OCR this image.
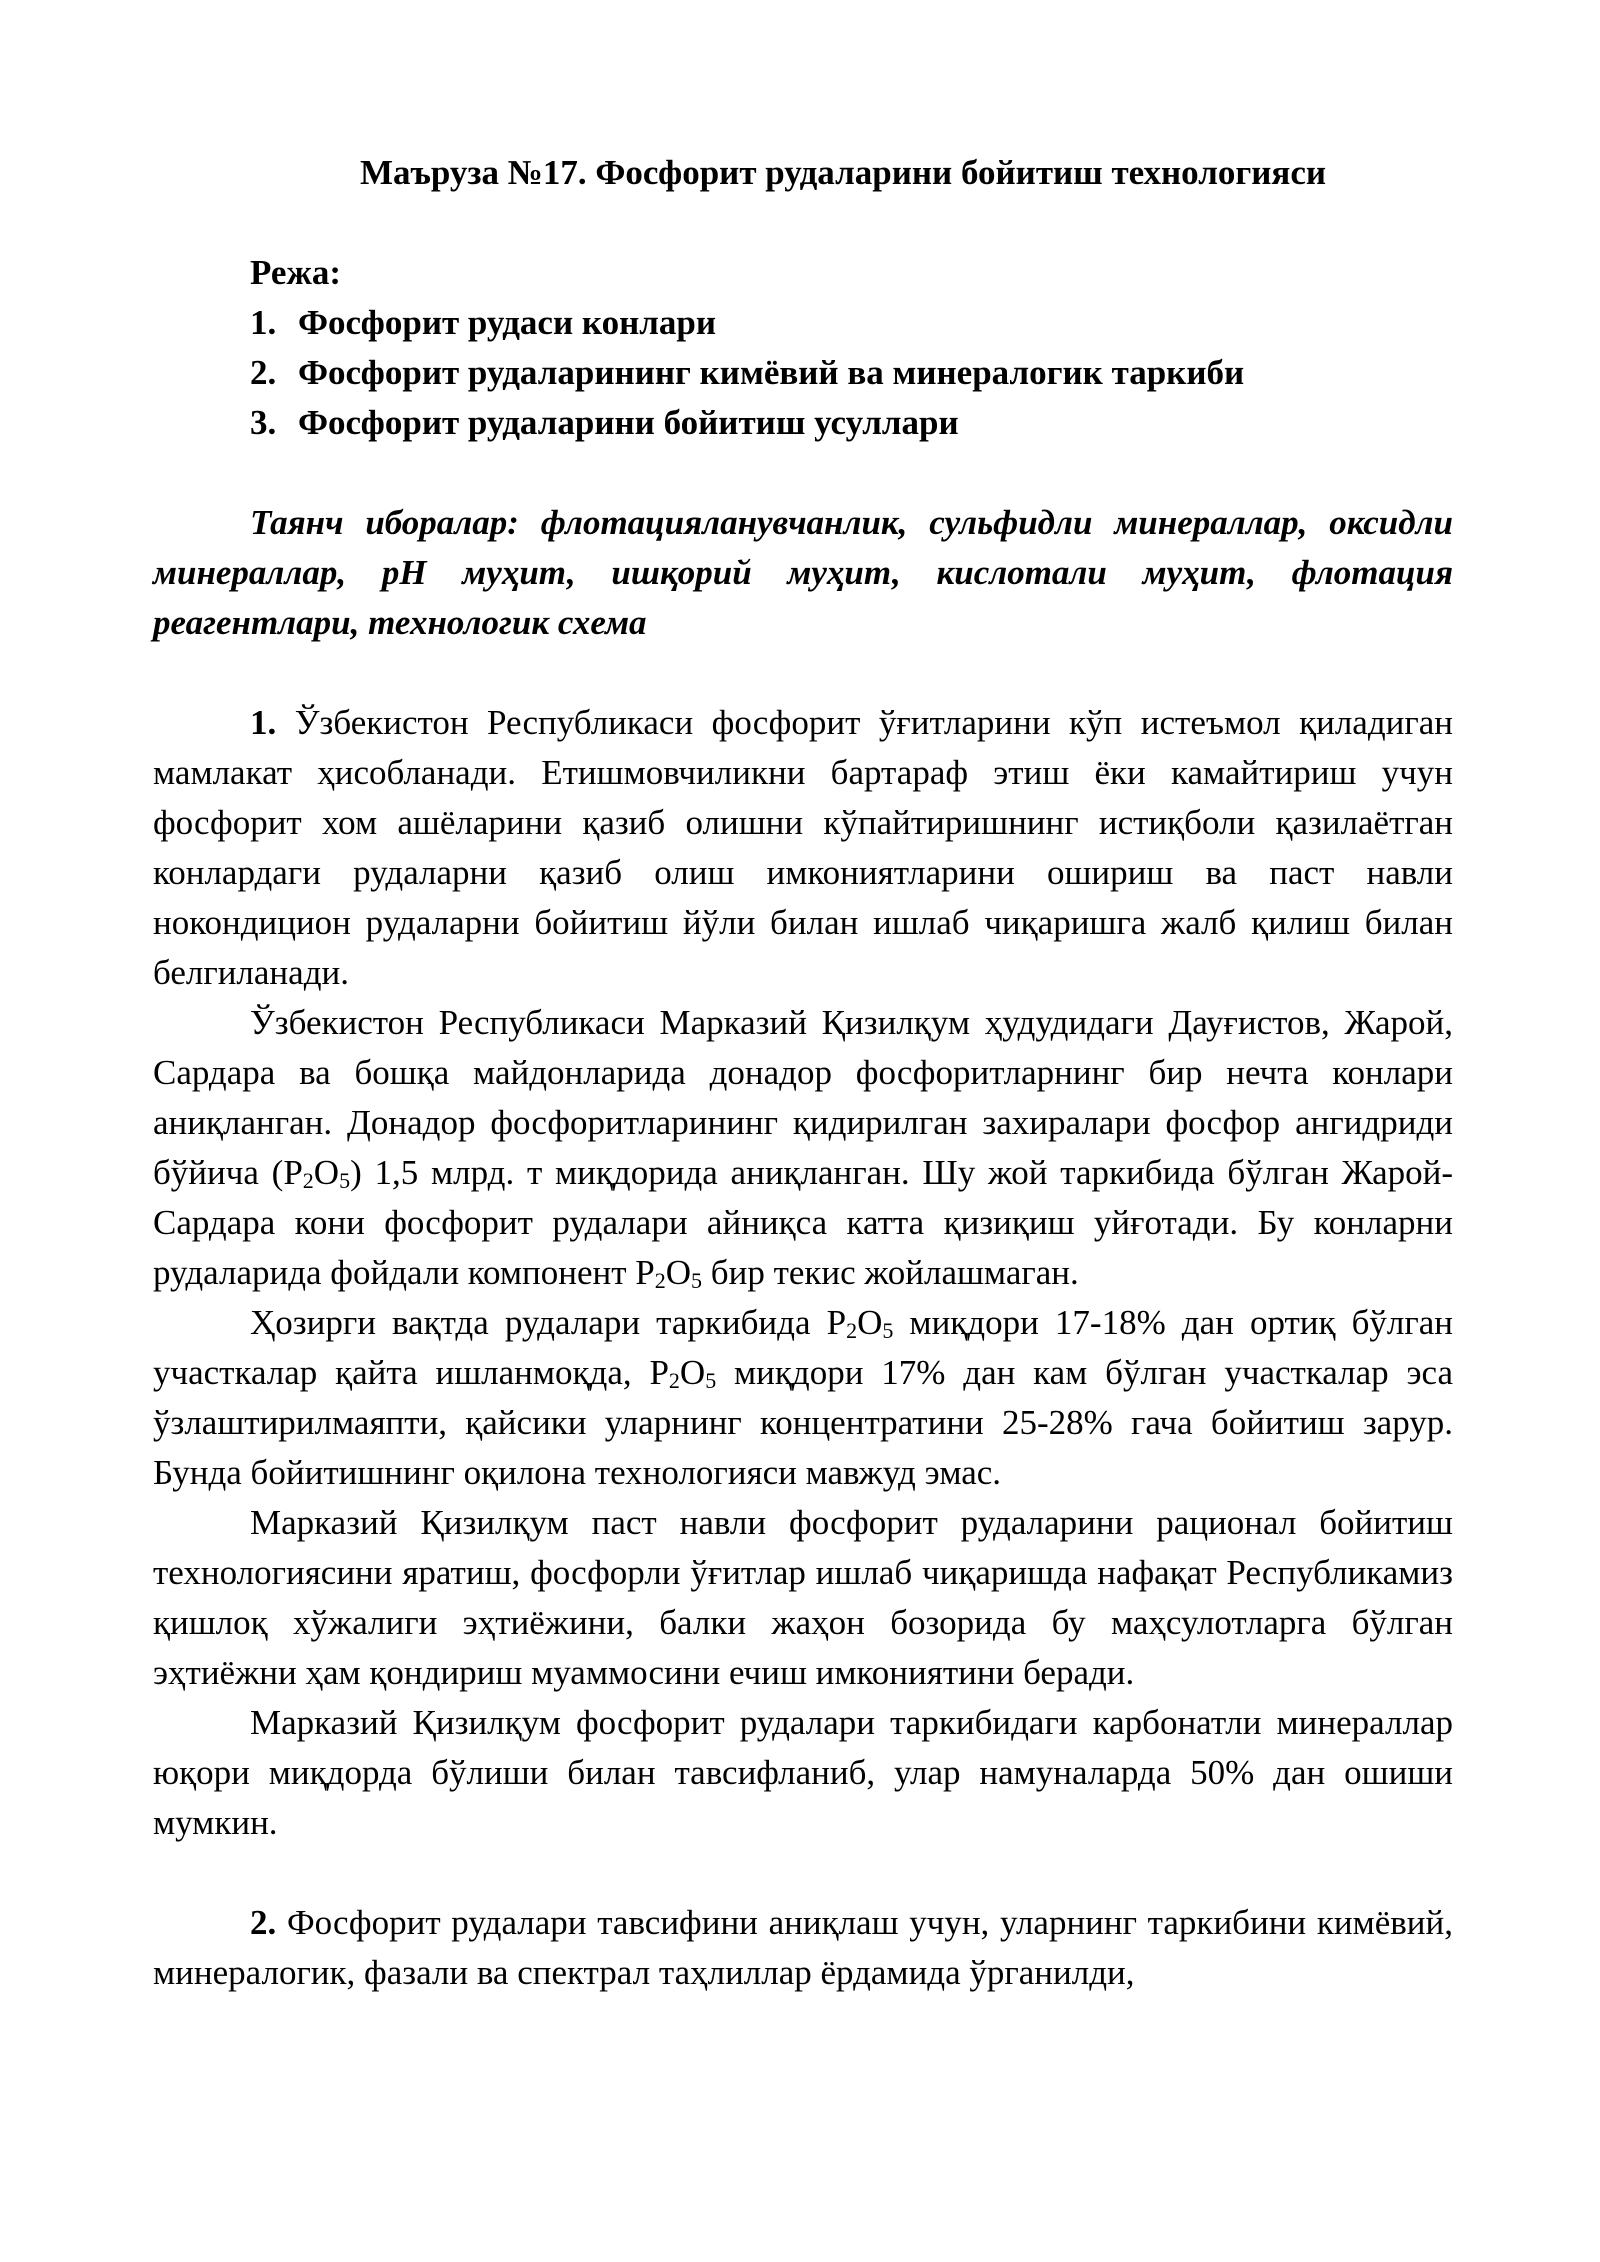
Маъруза №17. Фосфорит рудаларини бойитиш технологияси

Режа:

1. Фосфорит рудаси конлари
2. Фосфорит рудаларининг кимёвий ва минералогик таркиби
3. Фосфорит рудаларини бойитиш усуллари

Таянч иборалар: флотацияланувчанлик, сульфидли минераллар, оксидли минераллар, pH муҳит, ишқорий муҳит, кислотали муҳит, флотация реагентлари, технологик схема

1. Ўзбекистон Республикаси фосфорит ўғитларини кўп истеъмол қиладиган мамлакат ҳисобланади. Етишмовчиликни бартараф этиш ёки камайтириш учун фосфорит хом ашёларини қазиб олишни кўпайтиришнинг истиқболи қазилаётган конлардаги рудаларни қазиб олиш имкониятларини ошириш ва паст навли нокондицион рудаларни бойитиш йўли билан ишлаб чиқаришга жалб қилиш билан белгиланади.

Ўзбекистон Республикаси Марказий Қизилқум ҳудудидаги Дауғистов, Жарой, Сардара ва бошқа майдонларида донадор фосфоритларнинг бир нечта конлари аниқланган. Донадор фосфоритларининг қидирилган захиралари фосфор ангидриди бўйича $(P_2O_5)$ 1,5 млрд. т миқдорида аниқланган. Шу жой таркибида бўлган Жарой-Сардара кони фосфорит рудалари айниқса катта қизиқиш уйғотади. Бу конларни рудаларида фойдали компонент $P_2O_5$ бир текис жойлашмаган.

Ҳозирги вақтда рудалари таркибида $P_2O_5$ миқдори 17-18% дан ортиқ бўлган участкалар қайта ишланмоқда, $P_2O_5$ миқдори 17% дан кам бўлган участкалар эса ўзлаштирилмаяпти, қайсики уларнинг концентратини 25-28% гача бойитиш зарур. Бунда бойитишнинг оқилона технологияси мавжуд эмас.

Марказий Қизилқум паст навли фосфорит рудаларини рационал бойитиш технологиясини яратиш, фосфорли ўғитлар ишлаб чиқаришда нафақат Республикамиз қишлоқ хўжалиги эҳтиёжини, балки жаҳон бозорида бу маҳсулотларга бўлган эҳтиёжни ҳам қондириш муаммосини ечиш имкониятини беради.

Марказий Қизилқум фосфорит рудалари таркибидаги карбонатли минераллар юқори миқдорда бўлиши билан тавсифланиб, улар намуналарда 50% дан ошиши мумкин.

2. Фосфорит рудалари тавсифини аниқлаш учун, уларнинг таркибини кимёвий, минералогик, фазали ва спектрал таҳлиллар ёрдамида ўрганилди,
